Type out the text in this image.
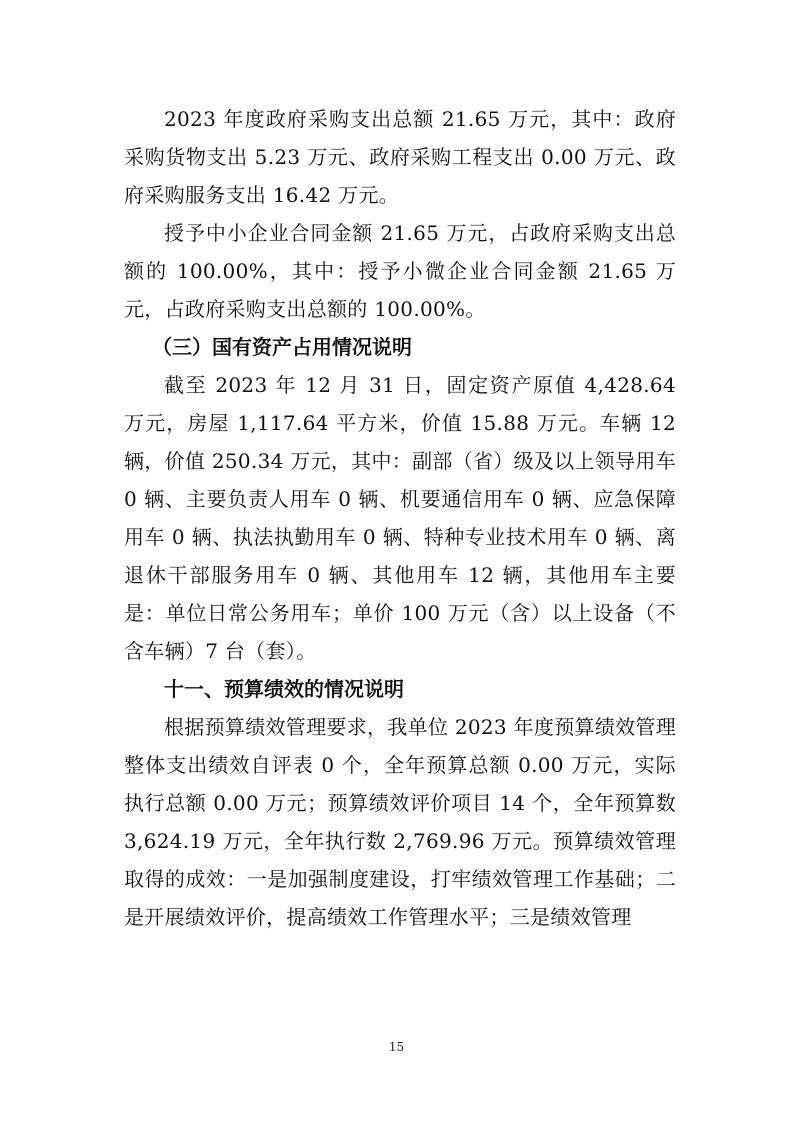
2023 年度政府采购支出总额 21.65 万元，其中：政府采购货物支出 5.23 万元、政府采购工程支出 0.00 万元、政府采购服务支出 16.42 万元。

授予中小企业合同金额 21.65 万元，占政府采购支出总额的 100.00%，其中：授予小微企业合同金额 21.65 万元，占政府采购支出总额的 100.00%。

（三）国有资产占用情况说明

截至 2023 年 12 月 31 日，固定资产原值 4,428.64 万元，房屋 1,117.64 平方米，价值 15.88 万元。车辆 12 辆，价值 250.34 万元，其中：副部（省）级及以上领导用车 0 辆、主要负责人用车 0 辆、机要通信用车 0 辆、应急保障用车 0 辆、执法执勤用车 0 辆、特种专业技术用车 0 辆、离退休干部服务用车 0 辆、其他用车 12 辆，其他用车主要是：单位日常公务用车；单价 100 万元（含）以上设备（不含车辆）7 台（套）。

十一、预算绩效的情况说明

根据预算绩效管理要求，我单位 2023 年度预算绩效管理整体支出绩效自评表 0 个，全年预算总额 0.00 万元，实际执行总额 0.00 万元；预算绩效评价项目 14 个，全年预算数 3,624.19 万元，全年执行数 2,769.96 万元。预算绩效管理取得的成效：一是加强制度建设，打牢绩效管理工作基础；二是开展绩效评价，提高绩效工作管理水平；三是绩效管理

15
